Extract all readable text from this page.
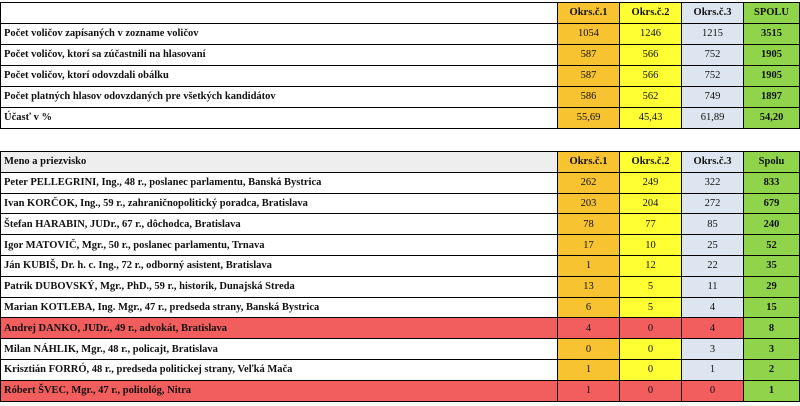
	Okrs.č.1	Okrs.č.2	Okrs.č.3	SPOLU
Počet voličov zapísaných v zozname voličov	1054	1246	1215	3515
Počet voličov, ktorí sa zúčastnili na hlasovaní	587	566	752	1905
Počet voličov, ktorí odovzdali obálku	587	566	752	1905
Počet platných hlasov odovzdaných pre všetkých kandidátov	586	562	749	1897
Účasť v %	55,69	45,43	61,89	54,20
Meno a priezvisko	Okrs.č.1	Okrs.č.2	Okrs.č.3	Spolu
Peter PELLEGRINI, Ing., 48 r., poslanec parlamentu, Banská Bystrica	262	249	322	833
Ivan KORČOK, Ing., 59 r., zahraničnopolitický poradca, Bratislava	203	204	272	679
Štefan HARABIN, JUDr., 67 r., dôchodca, Bratislava	78	77	85	240
Igor MATOVIČ, Mgr., 50 r., poslanec parlamentu, Trnava	17	10	25	52
Ján KUBIŠ, Dr. h. c. Ing., 72 r., odborný asistent, Bratislava	1	12	22	35
Patrik DUBOVSKÝ, Mgr., PhD., 59 r., historik, Dunajská Streda	13	5	11	29
Marian KOTLEBA, Ing. Mgr., 47 r., predseda strany, Banská Bystrica	6	5	4	15
Andrej DANKO, JUDr., 49 r., advokát, Bratislava	4	0	4	8
Milan NÁHLIK, Mgr., 48 r., policajt, Bratislava	0	0	3	3
Krisztián FORRÓ, 48 r., predseda politickej strany, Veľká Mača	1	0	1	2
Róbert ŠVEC, Mgr., 47 r., politológ, Nitra	1	0	0	1
